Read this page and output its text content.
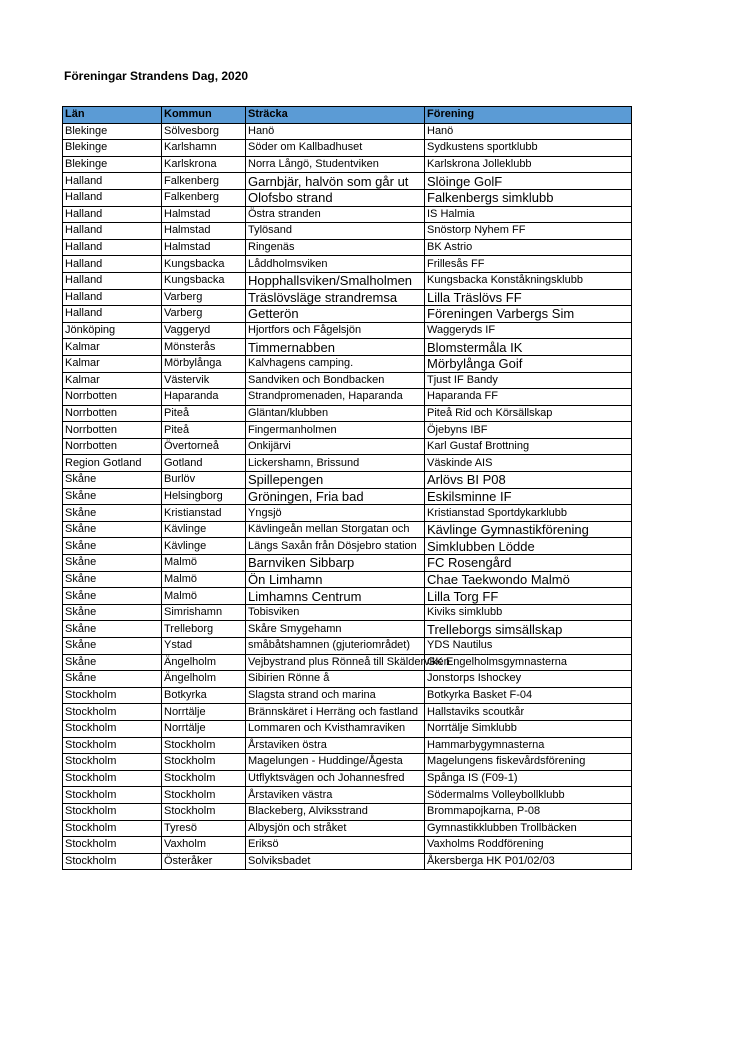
Föreningar Strandens Dag, 2020
Län	Kommun	Sträcka	Förening
Blekinge	Sölvesborg	Hanö	Hanö
Blekinge	Karlshamn	Söder om Kallbadhuset	Sydkustens sportklubb
Blekinge	Karlskrona	Norra Långö, Studentviken	Karlskrona Jolleklubb
Halland	Falkenberg	Garnbjär, halvön som går ut	Slöinge GolF
Halland	Falkenberg	Olofsbo strand	Falkenbergs simklubb
Halland	Halmstad	Östra stranden	IS Halmia
Halland	Halmstad	Tylösand	Snöstorp Nyhem FF
Halland	Halmstad	Ringenäs	BK Astrio
Halland	Kungsbacka	Låddholmsviken	Frillesås FF
Halland	Kungsbacka	Hopphallsviken/Smalholmen	Kungsbacka Konståkningsklubb
Halland	Varberg	Träslövsläge strandremsa	Lilla Träslövs FF
Halland	Varberg	Getterön	Föreningen Varbergs Sim
Jönköping	Vaggeryd	Hjortfors och Fågelsjön	Waggeryds IF
Kalmar	Mönsterås	Timmernabben	Blomstermåla IK
Kalmar	Mörbylånga	Kalvhagens camping.	Mörbylånga Goif
Kalmar	Västervik	Sandviken och Bondbacken	Tjust IF Bandy
Norrbotten	Haparanda	Strandpromenaden, Haparanda	Haparanda FF
Norrbotten	Piteå	Gläntan/klubben	Piteå Rid och Körsällskap
Norrbotten	Piteå	Fingermanholmen	Öjebyns IBF
Norrbotten	Övertorneå	Onkijärvi	Karl Gustaf Brottning
Region Gotland	Gotland	Lickershamn, Brissund	Väskinde AIS
Skåne	Burlöv	Spillepengen	Arlövs BI P08
Skåne	Helsingborg	Gröningen, Fria bad	Eskilsminne IF
Skåne	Kristianstad	Yngsjö	Kristianstad Sportdykarklubb
Skåne	Kävlinge	Kävlingeån mellan Storgatan och	Kävlinge Gymnastikförening
Skåne	Kävlinge	Längs Saxån från Dösjebro station	Simklubben Lödde
Skåne	Malmö	Barnviken Sibbarp	FC Rosengård
Skåne	Malmö	Ön Limhamn	Chae Taekwondo Malmö
Skåne	Malmö	Limhamns Centrum	Lilla Torg FF
Skåne	Simrishamn	Tobisviken	Kiviks simklubb
Skåne	Trelleborg	Skåre Smygehamn	Trelleborgs simsällskap
Skåne	Ystad	småbåtshamnen (gjuteriområdet)	YDS Nautilus
Skåne	Ängelholm	Vejbystrand plus Rönneå till Skälderviken	GK Engelholmsgymnasterna
Skåne	Ängelholm	Sibirien Rönne å	Jonstorps Ishockey
Stockholm	Botkyrka	Slagsta strand och marina	Botkyrka Basket F-04
Stockholm	Norrtälje	Brännskäret i Herräng och fastland	Hallstaviks scoutkår
Stockholm	Norrtälje	Lommaren och Kvisthamraviken	Norrtälje Simklubb
Stockholm	Stockholm	Årstaviken östra	Hammarbygymnasterna
Stockholm	Stockholm	Magelungen - Huddinge/Ågesta	Magelungens fiskevårdsförening
Stockholm	Stockholm	Utflyktsvägen och Johannesfred	Spånga IS (F09-1)
Stockholm	Stockholm	Årstaviken västra	Södermalms Volleybollklubb
Stockholm	Stockholm	Blackeberg, Alviksstrand	Brommapojkarna, P-08
Stockholm	Tyresö	Albysjön och stråket	Gymnastikklubben Trollbäcken
Stockholm	Vaxholm	Eriksö	Vaxholms Roddförening
Stockholm	Österåker	Solviksbadet	Åkersberga HK P01/02/03
